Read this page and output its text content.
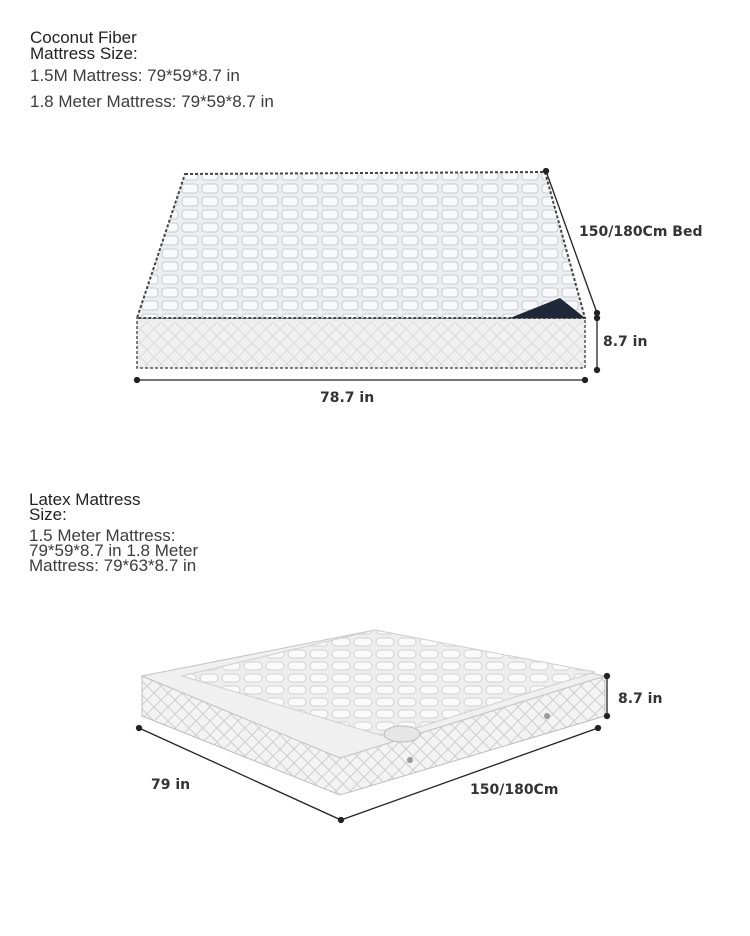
Coconut Fiber
Mattress Size:
1.5M Mattress: 79*59*8.7 in
1.8 Meter Mattress: 79*59*8.7 in
150/180Cm Bed
8.7 in
78.7 in
Latex Mattress
Size:
1.5 Meter Mattress:
79*59*8.7 in 1.8 Meter
Mattress: 79*63*8.7 in
79 in	150/180Cm
8.7 in
